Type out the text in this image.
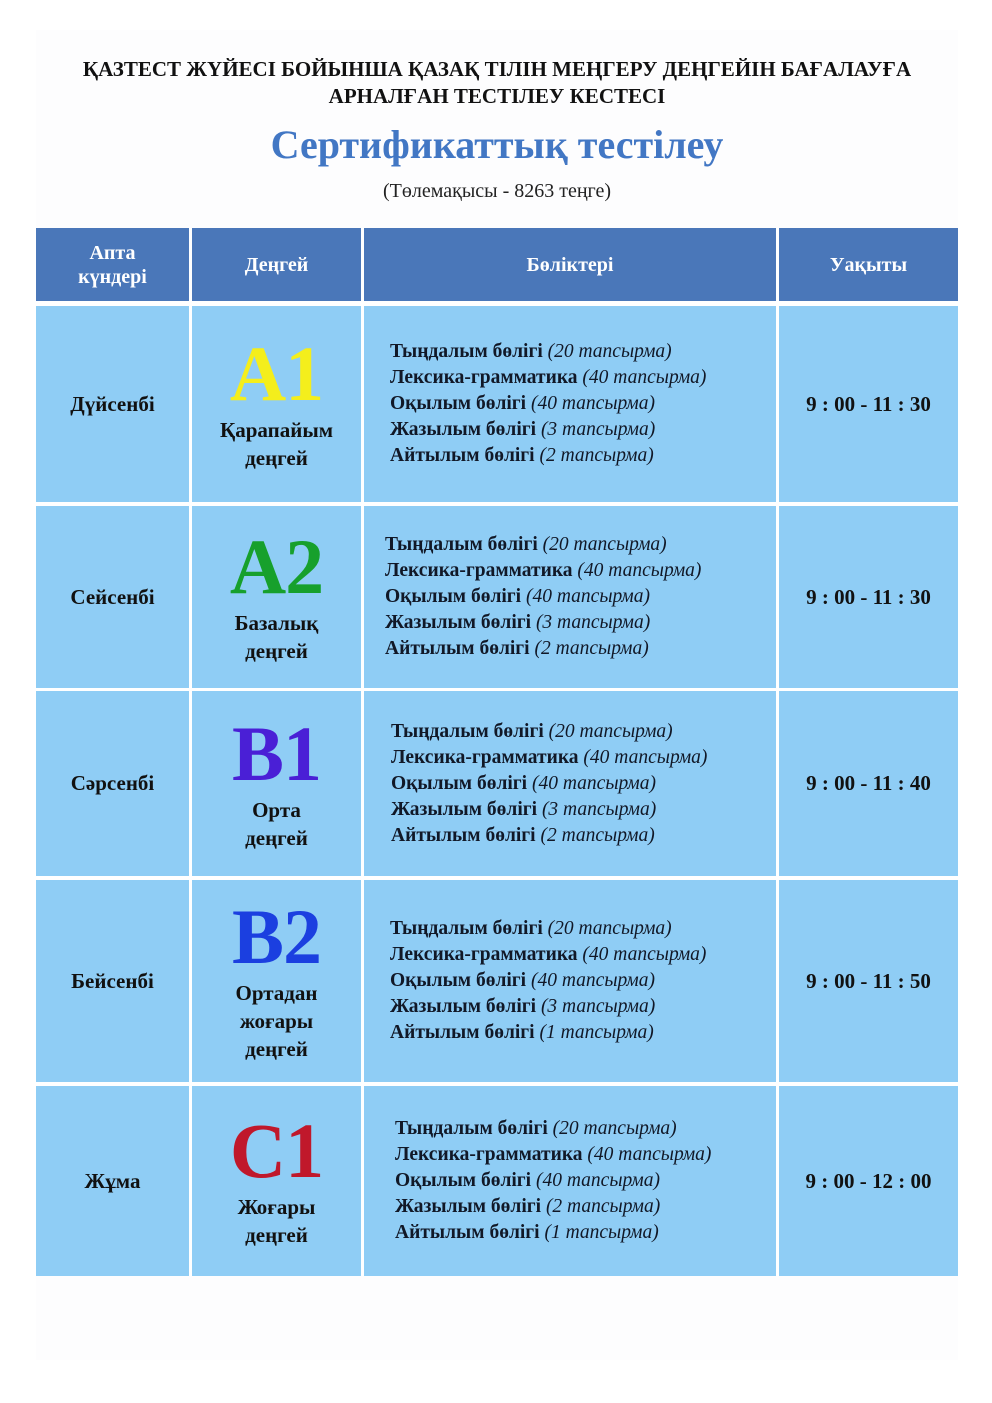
ҚАЗТЕСТ ЖҮЙЕСІ БОЙЫНША ҚАЗАҚ ТІЛІН МЕҢГЕРУ ДЕҢГЕЙІН БАҒАЛАУҒА
АРНАЛҒАН ТЕСТІЛЕУ КЕСТЕСІ
Сертификаттық тестілеу
(Төлемақысы - 8263 теңге)
Апта
күндері
Деңгей	Бөліктері	Уақыты
Дүйсенбі A1
Қарапайым
деңгей
Тыңдалым бөлігі (20 тапсырма)
Лексика-грамматика (40 тапсырма)
Оқылым бөлігі (40 тапсырма)
Жазылым бөлігі (3 тапсырма)
Айтылым бөлігі (2 тапсырма)
9 : 00 - 11 : 30
Сейсенбі A2
Базалық
деңгей
Тыңдалым бөлігі (20 тапсырма)
Лексика-грамматика (40 тапсырма)
Оқылым бөлігі (40 тапсырма)
Жазылым бөлігі (3 тапсырма)
Айтылым бөлігі (2 тапсырма)
9 : 00 - 11 : 30
Сәрсенбі B1
Орта
деңгей
Тыңдалым бөлігі (20 тапсырма)
Лексика-грамматика (40 тапсырма)
Оқылым бөлігі (40 тапсырма)
Жазылым бөлігі (3 тапсырма)
Айтылым бөлігі (2 тапсырма)
9 : 00 - 11 : 40
Бейсенбі
B2
Ортадан
жоғары
деңгей
Тыңдалым бөлігі (20 тапсырма)
Лексика-грамматика (40 тапсырма)
Оқылым бөлігі (40 тапсырма)
Жазылым бөлігі (3 тапсырма)
Айтылым бөлігі (1 тапсырма)
9 : 00 - 11 : 50
Жұма C1
Жоғары
деңгей
Тыңдалым бөлігі (20 тапсырма)
Лексика-грамматика (40 тапсырма)
Оқылым бөлігі (40 тапсырма)
Жазылым бөлігі (2 тапсырма)
Айтылым бөлігі (1 тапсырма)
9 : 00 - 12 : 00
